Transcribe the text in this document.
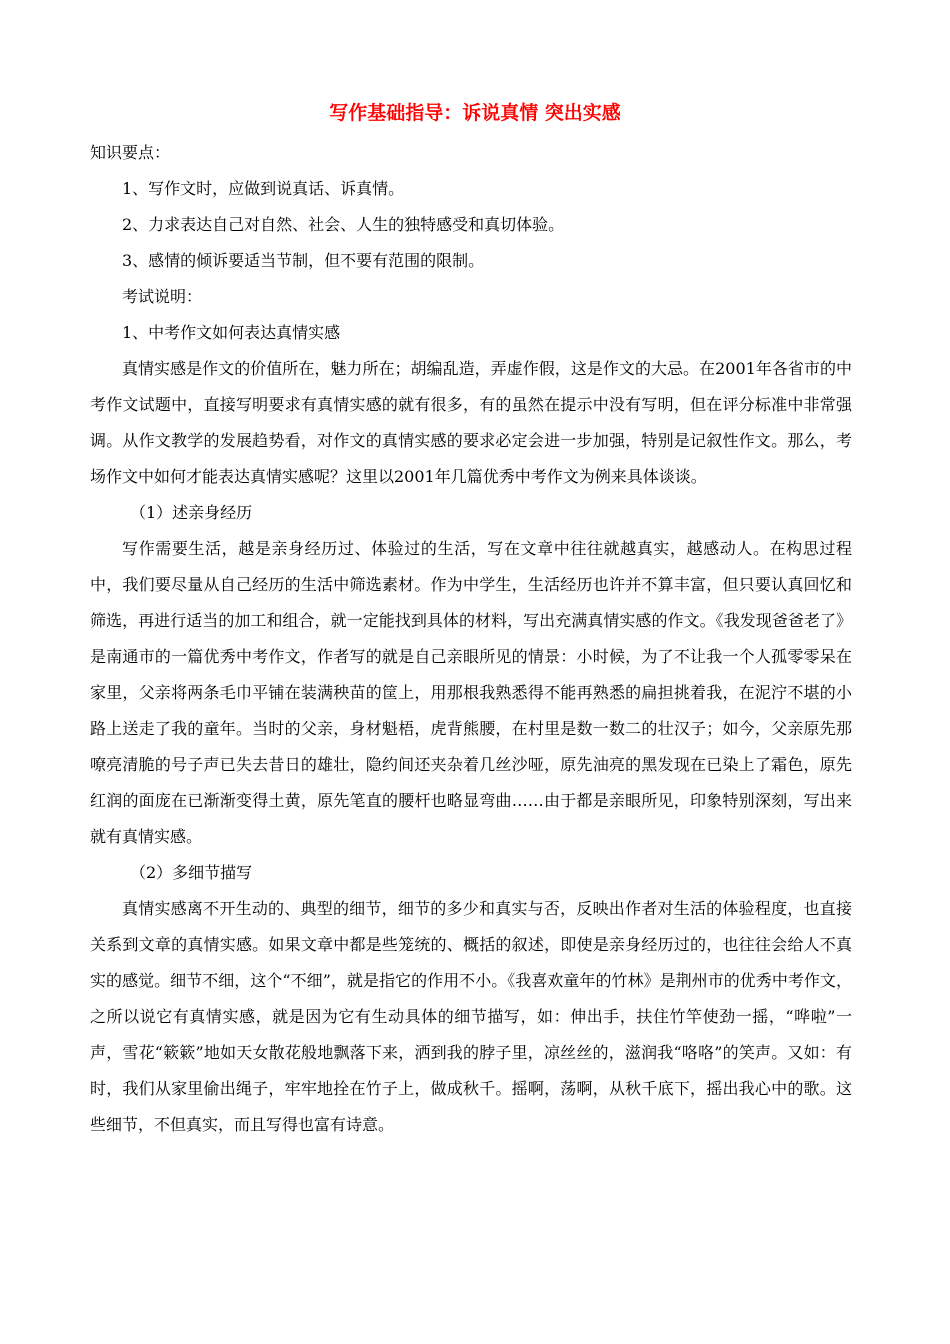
写作基础指导：诉说真情 突出实感

知识要点：

1、写作文时，应做到说真话、诉真情。

2、力求表达自己对自然、社会、人生的独特感受和真切体验。

3、感情的倾诉要适当节制，但不要有范围的限制。

考试说明：

1、中考作文如何表达真情实感

真情实感是作文的价值所在，魅力所在；胡编乱造，弄虚作假，这是作文的大忌。在2001年各省市的中考作文试题中，直接写明要求有真情实感的就有很多，有的虽然在提示中没有写明，但在评分标准中非常强调。从作文教学的发展趋势看，对作文的真情实感的要求必定会进一步加强，特别是记叙性作文。那么，考场作文中如何才能表达真情实感呢？这里以2001年几篇优秀中考作文为例来具体谈谈。

（1）述亲身经历

写作需要生活，越是亲身经历过、体验过的生活，写在文章中往往就越真实，越感动人。在构思过程中，我们要尽量从自己经历的生活中筛选素材。作为中学生，生活经历也许并不算丰富，但只要认真回忆和筛选，再进行适当的加工和组合，就一定能找到具体的材料，写出充满真情实感的作文。《我发现爸爸老了》是南通市的一篇优秀中考作文，作者写的就是自己亲眼所见的情景：小时候，为了不让我一个人孤零零呆在家里，父亲将两条毛巾平铺在装满秧苗的筐上，用那根我熟悉得不能再熟悉的扁担挑着我，在泥泞不堪的小路上送走了我的童年。当时的父亲，身材魁梧，虎背熊腰，在村里是数一数二的壮汉子；如今，父亲原先那嘹亮清脆的号子声已失去昔日的雄壮，隐约间还夹杂着几丝沙哑，原先油亮的黑发现在已染上了霜色，原先红润的面庞在已渐渐变得土黄，原先笔直的腰杆也略显弯曲……由于都是亲眼所见，印象特别深刻，写出来就有真情实感。

（2）多细节描写

真情实感离不开生动的、典型的细节，细节的多少和真实与否，反映出作者对生活的体验程度，也直接关系到文章的真情实感。如果文章中都是些笼统的、概括的叙述，即使是亲身经历过的，也往往会给人不真实的感觉。细节不细，这个“不细”，就是指它的作用不小。《我喜欢童年的竹林》是荆州市的优秀中考作文，之所以说它有真情实感，就是因为它有生动具体的细节描写，如：伸出手，扶住竹竿使劲一摇，“哗啦”一声，雪花“簌簌”地如天女散花般地飘落下来，洒到我的脖子里，凉丝丝的，滋润我“咯咯”的笑声。又如：有时，我们从家里偷出绳子，牢牢地拴在竹子上，做成秋千。摇啊，荡啊，从秋千底下，摇出我心中的歌。这些细节，不但真实，而且写得也富有诗意。
